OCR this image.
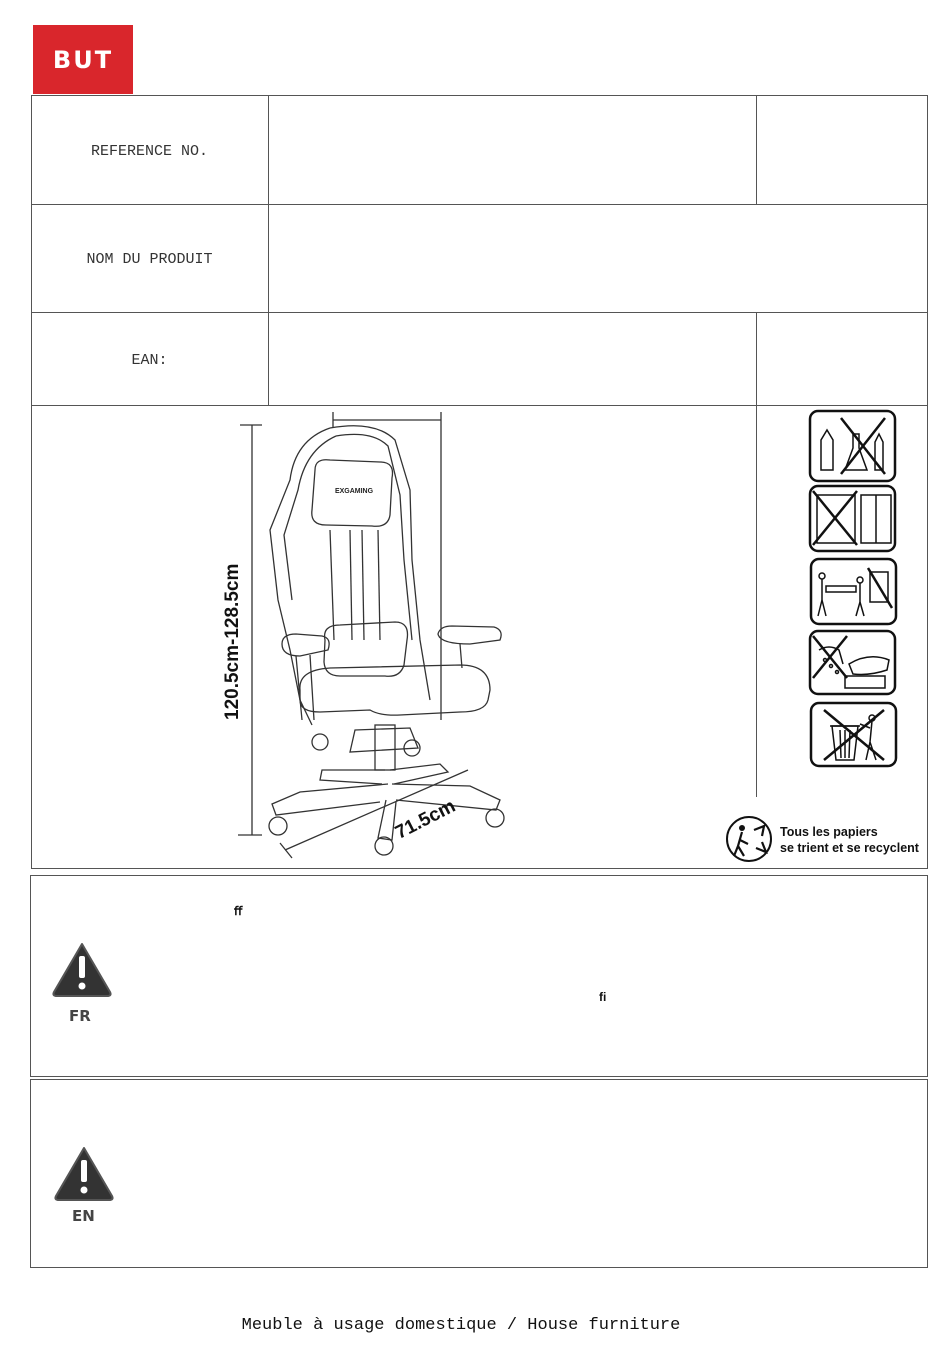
BUT
REFERENCE NO.
NOM DU PRODUIT
EAN:
EXGAMING
120.5cm-128.5cm
71.5cm	Tous les papiers
se trient et se recyclent
ﬀ
ﬁ
FR
EN
Meuble à usage domestique / House furniture
